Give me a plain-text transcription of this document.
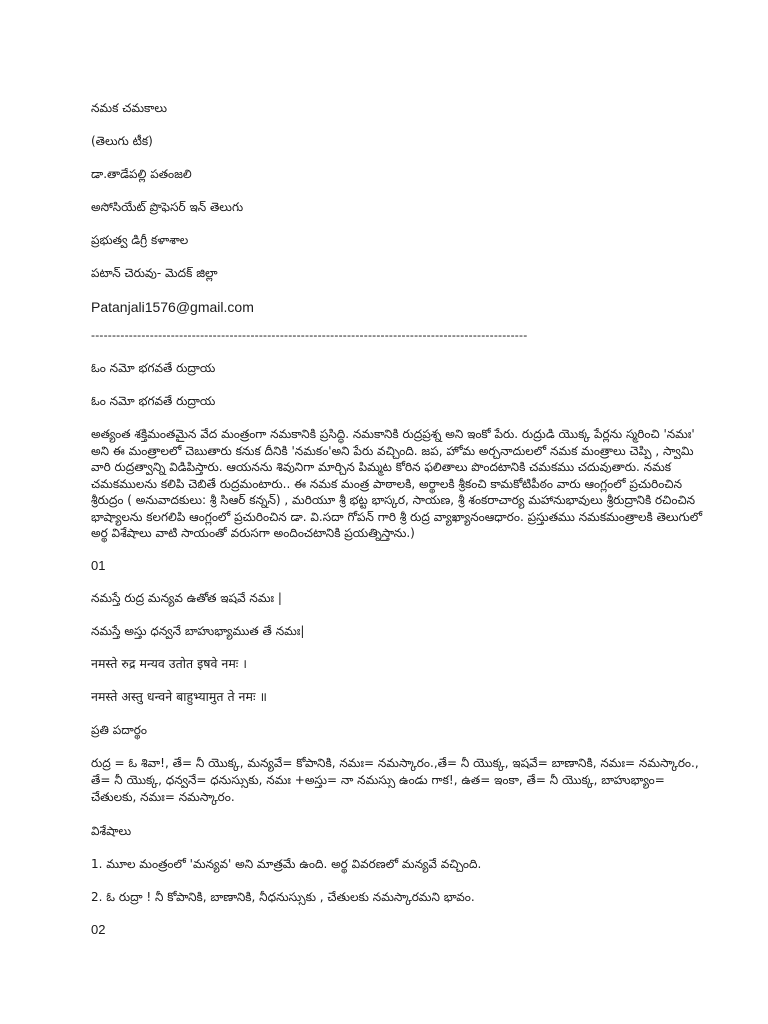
నమక చమకాలు

(తెలుగు టీక)

డా.తాడేపల్లి పతంజలి

అసోసియేట్ ప్రొఫెసర్ ఇన్ తెలుగు

ప్రభుత్వ డిగ్రీ కళాశాల

పటాన్ చెరువు- మెదక్ జిల్లా

Patanjali1576@gmail.com

--------------------------------------------------------------------------------------------------------

ఓం నమో భగవతే రుద్రాయ

ఓం నమో భగవతే రుద్రాయ

అత్యంత శక్తిమంతమైన వేద మంత్రంగా నమకానికి ప్రసిద్ధి. నమకానికి రుద్రప్రశ్న అని ఇంకో పేరు. రుద్రుడి యొక్క పేర్లను స్మరించి 'నమః' అని ఈ మంత్రాలలో చెబుతారు కనుక దీనికి 'నమకం'అని పేరు వచ్చింది. జప, హోమ అర్చనాదులలో నమక మంత్రాలు చెప్పి , స్వామి వారి రుద్రత్వాన్ని విడిపిస్తారు. ఆయనను శివునిగా మార్చిన పిమ్మట కోరిన ఫలితాలు పొందటానికి చమకము చదువుతారు. నమక చమకములను కలిపి చెబితే రుద్రమంటారు.. ఈ నమక మంత్ర పాఠాలకి, అర్థాలకి శ్రీకంచి కామకోటిపీఠం వారు ఆంగ్లంలో ప్రచురించిన శ్రీరుద్రం ( అనువాదకులు: శ్రీ సిఆర్ కన్నన్) , మరియూ శ్రీ భట్ట భాస్కర, సాయణ, శ్రీ శంకరాచార్య మహానుభావులు శ్రీరుద్రానికి రచించిన భాష్యాలను కలగలిపి ఆంగ్లంలో ప్రచురించిన డా. వి.సదా గోపన్ గారి శ్రీ రుద్ర వ్యాఖ్యానంఆధారం. ప్రస్తుతము నమకమంత్రాలకి తెలుగులో అర్థ విశేషాలు వాటి సాయంతో వరుసగా అందించటానికి ప్రయత్నిస్తాను.)

01

నమస్తే రుద్ర మన్యవ ఉతోత ఇషవే నమః |

నమస్తే అస్తు ధన్వనే బాహుభ్యాముత తే నమః|

नमस्ते रुद्र मन्यव उतोत इषवे नमः ।

नमस्ते अस्तु धन्वने बाहुभ्यामुत ते नमः ॥

ప్రతి పదార్థం

రుద్ర = ఓ శివా!, తే= నీ యొక్క, మన్యవే= కోపానికి, నమః= నమస్కారం.,తే= నీ యొక్క, ఇషవే= బాణానికి, నమః= నమస్కారం., తే= నీ యొక్క, ధన్వనే= ధనుస్సుకు, నమః +అస్తు= నా నమస్సు ఉండు గాక!, ఉత= ఇంకా, తే= నీ యొక్క, బాహుభ్యాం= చేతులకు, నమః= నమస్కారం.

విశేషాలు

1. మూల మంత్రంలో 'మన్యవ' అని మాత్రమే ఉంది. అర్థ వివరణలో మన్యవే వచ్చింది.

2. ఓ రుద్రా ! నీ కోపానికి, బాణానికి, నీధనుస్సుకు , చేతులకు నమస్కారమని భావం.

02
